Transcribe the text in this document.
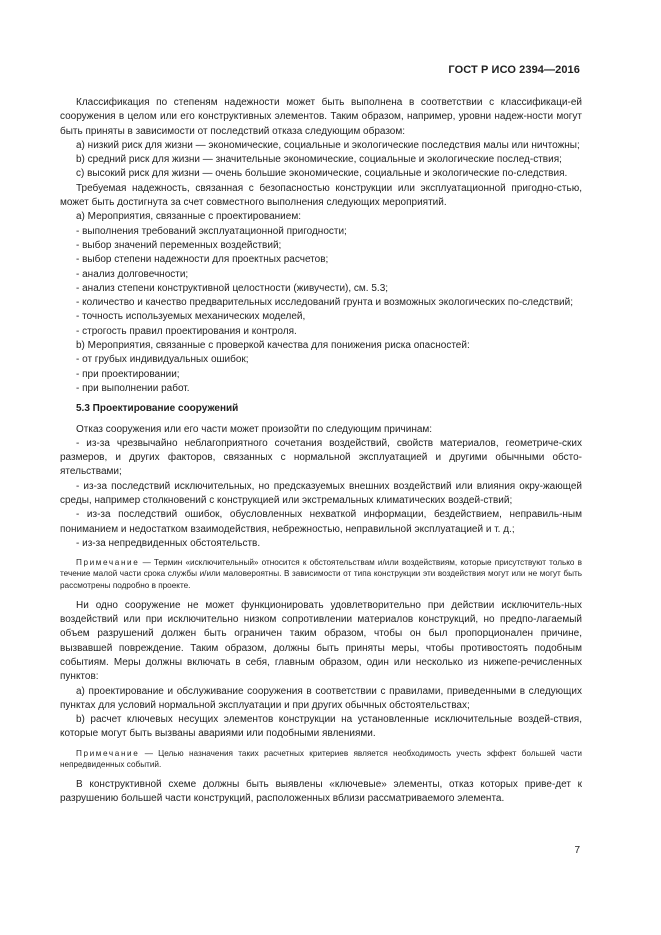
ГОСТ Р ИСО 2394—2016

Классификация по степеням надежности может быть выполнена в соответствии с классификаци-ей сооружения в целом или его конструктивных элементов. Таким образом, например, уровни надеж-ности могут быть приняты в зависимости от последствий отказа следующим образом:

а) низкий риск для жизни — экономические, социальные и экологические последствия малы или ничтожны;

b) средний риск для жизни — значительные экономические, социальные и экологические послед-ствия;

с) высокий риск для жизни — очень большие экономические, социальные и экологические по-следствия.

Требуемая надежность, связанная с безопасностью конструкции или эксплуатационной пригодно-стью, может быть достигнута за счет совместного выполнения следующих мероприятий.

а) Мероприятия, связанные с проектированием:

- выполнения требований эксплуатационной пригодности;

- выбор значений переменных воздействий;

- выбор степени надежности для проектных расчетов;

- анализ долговечности;

- анализ степени конструктивной целостности (живучести), см. 5.3;

- количество и качество предварительных исследований грунта и возможных экологических по-следствий;

- точность используемых механических моделей,

- строгость правил проектирования и контроля.

b) Мероприятия, связанные с проверкой качества для понижения риска опасностей:

- от грубых индивидуальных ошибок;

- при проектировании;

- при выполнении работ.

5.3 Проектирование сооружений

Отказ сооружения или его части может произойти по следующим причинам:

- из-за чрезвычайно неблагоприятного сочетания воздействий, свойств материалов, геометриче-ских размеров, и других факторов, связанных с нормальной эксплуатацией и другими обычными обсто-ятельствами;

- из-за последствий исключительных, но предсказуемых внешних воздействий или влияния окру-жающей среды, например столкновений с конструкцией или экстремальных климатических воздей-ствий;

- из-за последствий ошибок, обусловленных нехваткой информации, бездействием, неправиль-ным пониманием и недостатком взаимодействия, небрежностью, неправильной эксплуатацией и т. д.;

- из-за непредвиденных обстоятельств.

Примечание — Термин «исключительный» относится к обстоятельствам и/или воздействиям, которые присутствуют только в течение малой части срока службы и/или маловероятны. В зависимости от типа конструкции эти воздействия могут или не могут быть рассмотрены подробно в проекте.

Ни одно сооружение не может функционировать удовлетворительно при действии исключитель-ных воздействий или при исключительно низком сопротивлении материалов конструкций, но предпо-лагаемый объем разрушений должен быть ограничен таким образом, чтобы он был пропорционален причине, вызвавшей повреждение. Таким образом, должны быть приняты меры, чтобы противостоять подобным событиям. Меры должны включать в себя, главным образом, один или несколько из нижепе-речисленных пунктов:

а) проектирование и обслуживание сооружения в соответствии с правилами, приведенными в следующих пунктах для условий нормальной эксплуатации и при других обычных обстоятельствах;

b) расчет ключевых несущих элементов конструкции на установленные исключительные воздей-ствия, которые могут быть вызваны авариями или подобными явлениями.

Примечание — Целью назначения таких расчетных критериев является необходимость учесть эффект большей части непредвиденных событий.

В конструктивной схеме должны быть выявлены «ключевые» элементы, отказ которых приве-дет к разрушению большей части конструкций, расположенных вблизи рассматриваемого элемента.

7
